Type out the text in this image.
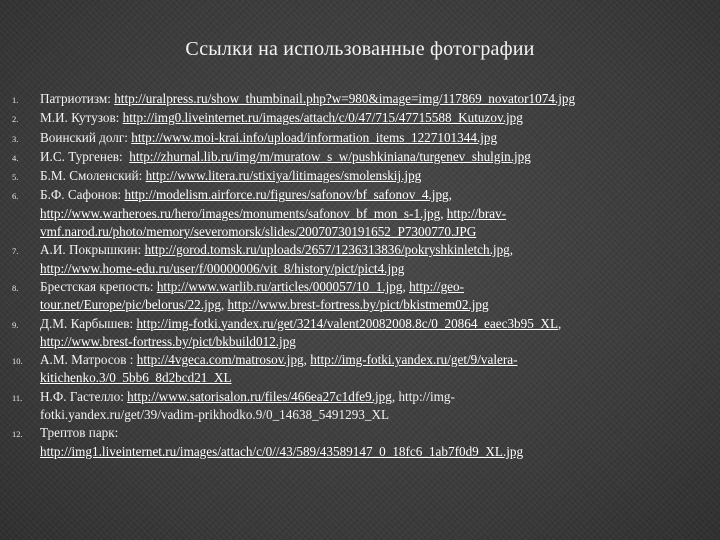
Ссылки на использованные фотографии
1.	Патриотизм: http://uralpress.ru/show_thumbinail.php?w=980&image=img/117869_novator1074.jpg
2.	М.И. Кутузов: http://img0.liveinternet.ru/images/attach/c/0/47/715/47715588_Kutuzov.jpg
3.	Воинский долг: http://www.moi-krai.info/upload/information_items_1227101344.jpg
4.	И.С. Тургенев:  http://zhurnal.lib.ru/img/m/muratow_s_w/pushkiniana/turgenev_shulgin.jpg
5.	Б.М. Смоленский: http://www.litera.ru/stixiya/litimages/smolenskij.jpg
6.	Б.Ф. Сафонов: http://modelism.airforce.ru/figures/safonov/bf_safonov_4.jpg,
http://www.warheroes.ru/hero/images/monuments/safonov_bf_mon_s-1.jpg, http://brav-
vmf.narod.ru/photo/memory/severomorsk/slides/20070730191652_P7300770.JPG
7.	А.И. Покрышкин: http://gorod.tomsk.ru/uploads/2657/1236313836/pokryshkinletch.jpg,
http://www.home-edu.ru/user/f/00000006/vit_8/history/pict/pict4.jpg
8.	Брестская крепость: http://www.warlib.ru/articles/000057/10_1.jpg, http://geo-
tour.net/Europe/pic/belorus/22.jpg, http://www.brest-fortress.by/pict/bkistmem02.jpg
9.	Д.М. Карбышев: http://img-fotki.yandex.ru/get/3214/valent20082008.8c/0_20864_eaec3b95_XL,
http://www.brest-fortress.by/pict/bkbuild012.jpg
10.	А.М. Матросов : http://4vgeca.com/matrosov.jpg, http://img-fotki.yandex.ru/get/9/valera-
kitichenko.3/0_5bb6_8d2bcd21_XL
11.	Н.Ф. Гастелло: http://www.satorisalon.ru/files/466ea27c1dfe9.jpg, http://img-
fotki.yandex.ru/get/39/vadim-prikhodko.9/0_14638_5491293_XL
12.	Трептов парк:
http://img1.liveinternet.ru/images/attach/c/0//43/589/43589147_0_18fc6_1ab7f0d9_XL.jpg
